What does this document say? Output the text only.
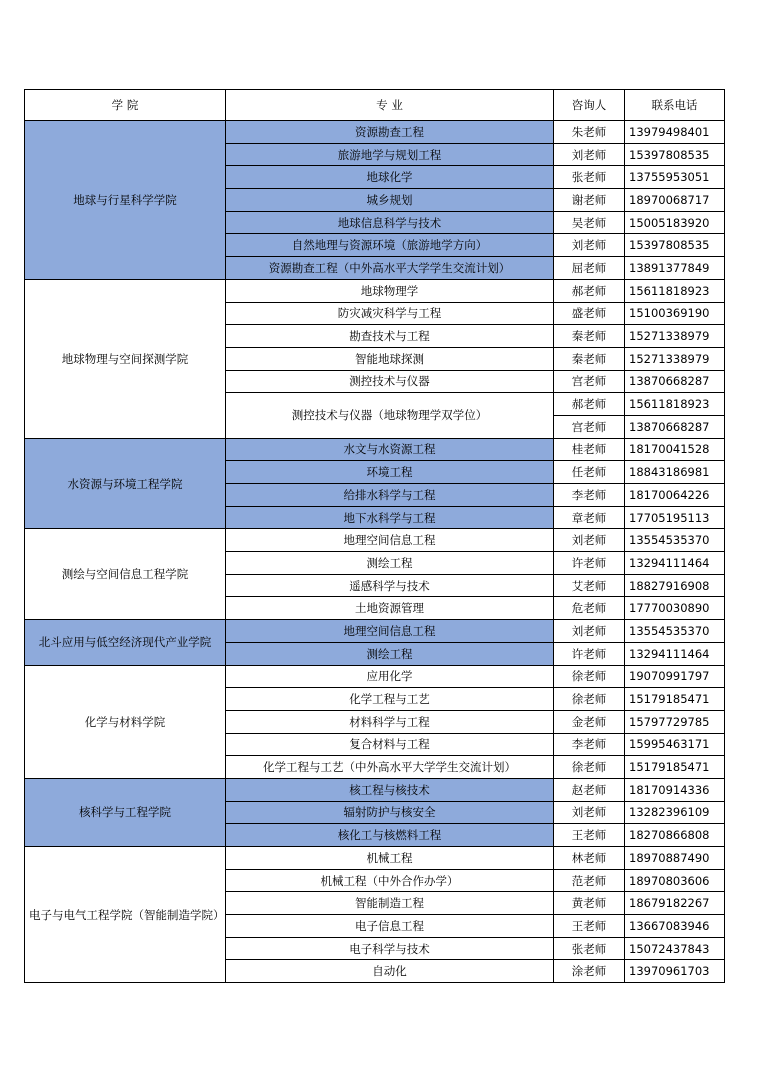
学 院	专 业	咨询人	联系电话
地球与行星科学学院	资源勘查工程	朱老师	13979498401
	旅游地学与规划工程	刘老师	15397808535
	地球化学	张老师	13755953051
	城乡规划	谢老师	18970068717
	地球信息科学与技术	吴老师	15005183920
	自然地理与资源环境（旅游地学方向）	刘老师	15397808535
	资源勘查工程（中外高水平大学学生交流计划）	屈老师	13891377849
地球物理与空间探测学院	地球物理学	郝老师	15611818923
	防灾减灾科学与工程	盛老师	15100369190
	勘查技术与工程	秦老师	15271338979
	智能地球探测	秦老师	15271338979
	测控技术与仪器	宫老师	13870668287
	测控技术与仪器（地球物理学双学位）	郝老师	15611818923
		宫老师	13870668287
水资源与环境工程学院	水文与水资源工程	桂老师	18170041528
	环境工程	任老师	18843186981
	给排水科学与工程	李老师	18170064226
	地下水科学与工程	章老师	17705195113
测绘与空间信息工程学院	地理空间信息工程	刘老师	13554535370
	测绘工程	许老师	13294111464
	遥感科学与技术	艾老师	18827916908
	土地资源管理	危老师	17770030890
北斗应用与低空经济现代产业学院	地理空间信息工程	刘老师	13554535370
	测绘工程	许老师	13294111464
化学与材料学院	应用化学	徐老师	19070991797
	化学工程与工艺	徐老师	15179185471
	材料科学与工程	金老师	15797729785
	复合材料与工程	李老师	15995463171
	化学工程与工艺（中外高水平大学学生交流计划）	徐老师	15179185471
核科学与工程学院	核工程与核技术	赵老师	18170914336
	辐射防护与核安全	刘老师	13282396109
	核化工与核燃料工程	王老师	18270866808
电子与电气工程学院（智能制造学院）	机械工程	林老师	18970887490
	机械工程（中外合作办学）	范老师	18970803606
	智能制造工程	黄老师	18679182267
	电子信息工程	王老师	13667083946
	电子科学与技术	张老师	15072437843
	自动化	涂老师	13970961703
